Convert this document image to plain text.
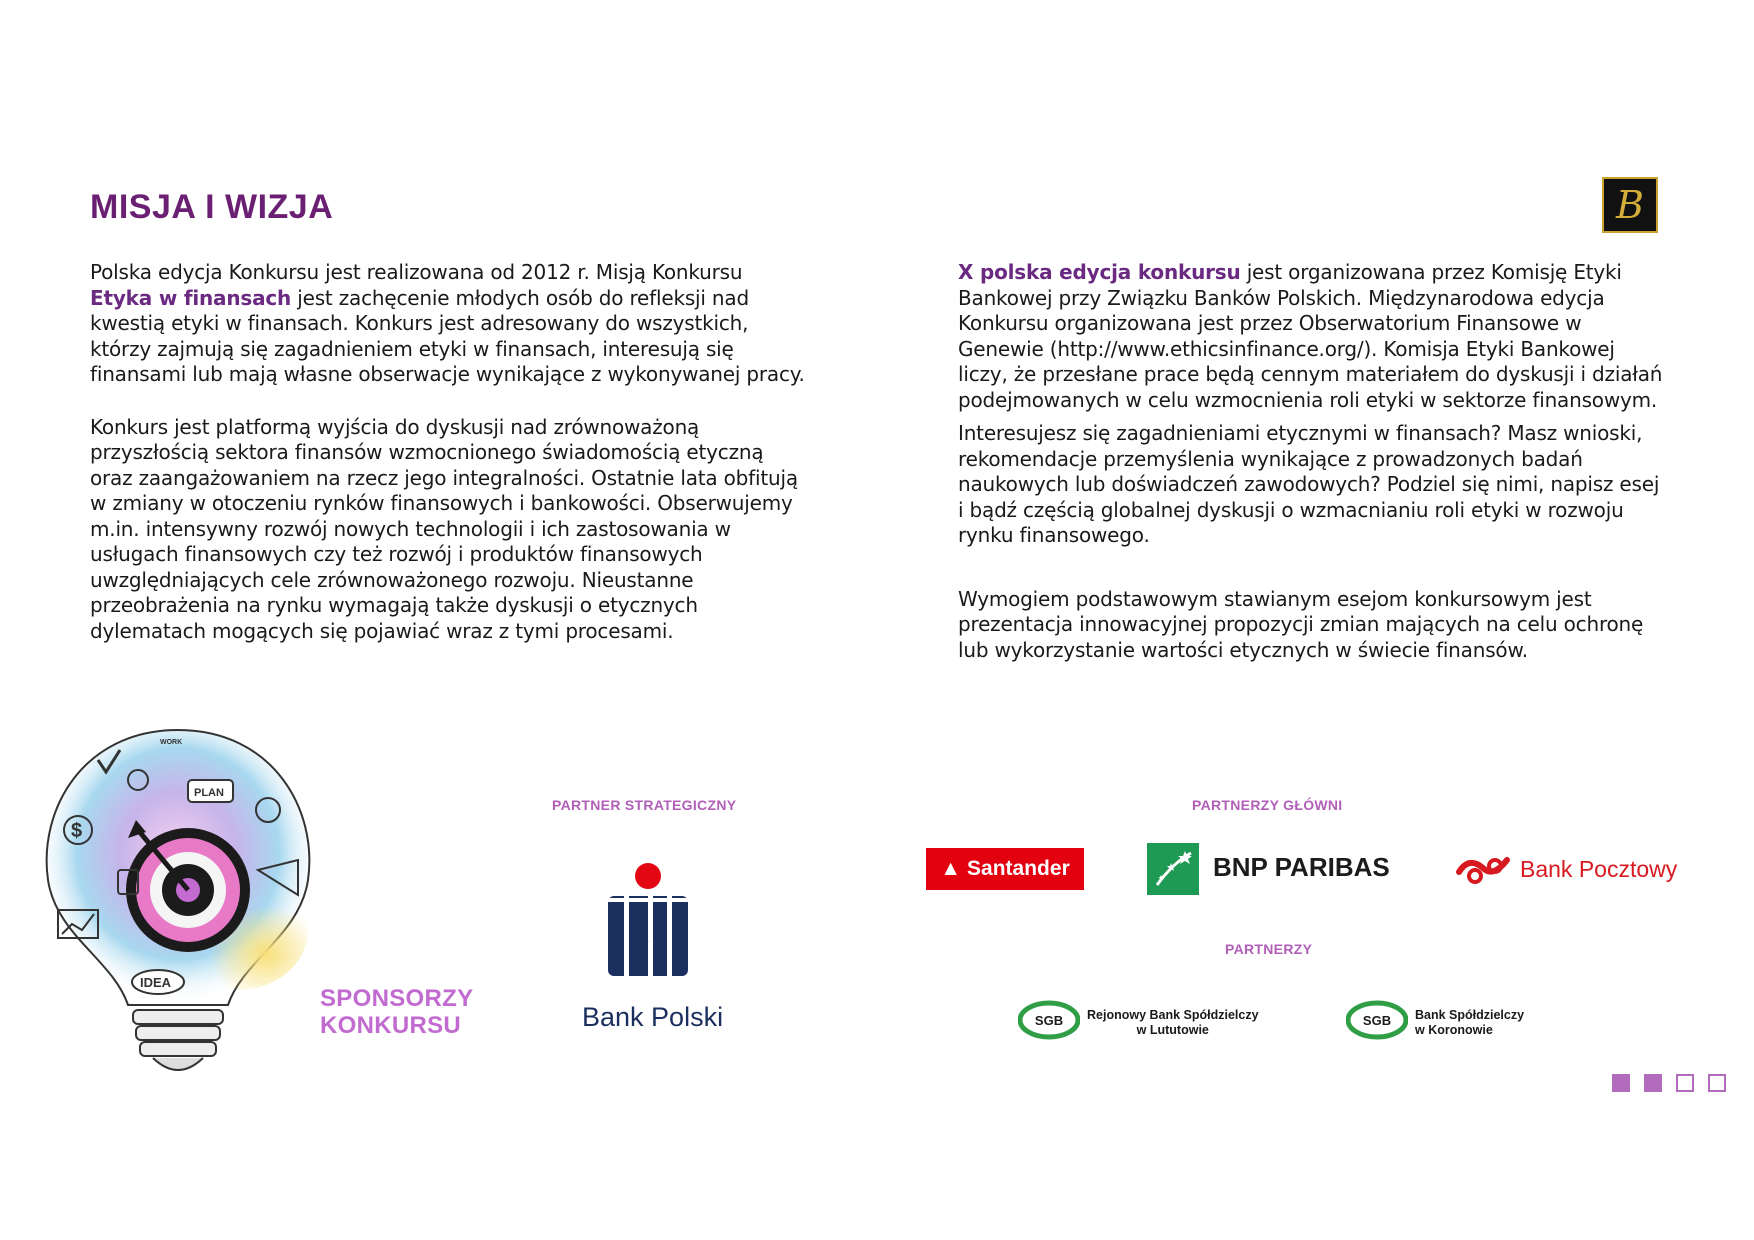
MISJA I WIZJA	B

Polska edycja Konkursu jest realizowana od 2012 r. Misją Konkursu Etyka w finansach jest zachęcenie młodych osób do refleksji nad kwestią etyki w finansach. Konkurs jest adresowany do wszystkich, którzy zajmują się zagadnieniem etyki w finansach, interesują się finansami lub mają własne obserwacje wynikające z wykonywanej pracy.

Konkurs jest platformą wyjścia do dyskusji nad zrównoważoną przyszłością sektora finansów wzmocnionego świadomością etyczną oraz zaangażowaniem na rzecz jego integralności. Ostatnie lata obfitują w zmiany w otoczeniu rynków finansowych i bankowości. Obserwujemy m.in. intensywny rozwój nowych technologii i ich zastosowania w usługach finansowych czy też rozwój i produktów finansowych uwzględniających cele zrównoważonego rozwoju. Nieustanne przeobrażenia na rynku wymagają także dyskusji o etycznych dylematach mogących się pojawiać wraz z tymi procesami.

X polska edycja konkursu jest organizowana przez Komisję Etyki Bankowej przy Związku Banków Polskich. Międzynarodowa edycja Konkursu organizowana jest przez Obserwatorium Finansowe w Genewie (http://www.ethicsinfinance.org/). Komisja Etyki Bankowej liczy, że przesłane prace będą cennym materiałem do dyskusji i działań podejmowanych w celu wzmocnienia roli etyki w sektorze finansowym.

Interesujesz się zagadnieniami etycznymi w finansach? Masz wnioski, rekomendacje przemyślenia wynikające z prowadzonych badań naukowych lub doświadczeń zawodowych? Podziel się nimi, napisz esej i bądź częścią globalnej dyskusji o wzmacnianiu roli etyki w rozwoju rynku finansowego.

Wymogiem podstawowym stawianym esejom konkursowym jest prezentacja innowacyjnej propozycji zmian mających na celu ochronę lub wykorzystanie wartości etycznych w świecie finansów.

$
PLAN
WORK
IDEA
SPONSORZY
KONKURSU
PARTNER STRATEGICZNY
PKO
Bank Polski
PARTNERZY GŁÓWNI
▲ Santander	BNP PARIBAS	Bank Pocztowy
PARTNERZY
SGB Rejonowy Bank Spółdzielczy
w Lututowie
SGB Bank Spółdzielczy
w Koronowie
